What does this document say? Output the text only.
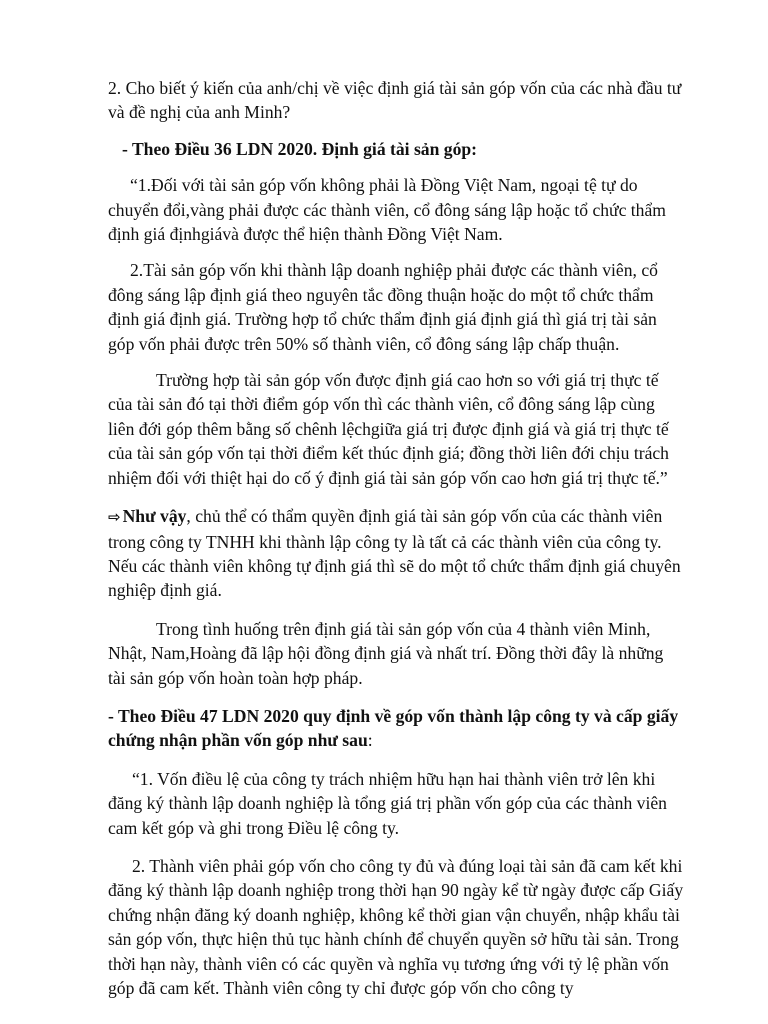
2. Cho biết ý kiến của anh/chị về việc định giá tài sản góp vốn của các nhà đầu tư và đề nghị của anh Minh?

- Theo Điều 36 LDN 2020. Định giá tài sản góp:

“1.Đối với tài sản góp vốn không phải là Đồng Việt Nam, ngoại tệ tự do chuyển đổi,vàng phải được các thành viên, cổ đông sáng lập hoặc tổ chức thẩm định giá địnhgiávà được thể hiện thành Đồng Việt Nam.

2.Tài sản góp vốn khi thành lập doanh nghiệp phải được các thành viên, cổ đông sáng lập định giá theo nguyên tắc đồng thuận hoặc do một tổ chức thẩm định giá định giá. Trường hợp tổ chức thẩm định giá định giá thì giá trị tài sản góp vốn phải được trên 50% số thành viên, cổ đông sáng lập chấp thuận.

Trường hợp tài sản góp vốn được định giá cao hơn so với giá trị thực tế của tài sản đó tại thời điểm góp vốn thì các thành viên, cổ đông sáng lập cùng liên đới góp thêm bằng số chênh lệchgiữa giá trị được định giá và giá trị thực tế của tài sản góp vốn tại thời điểm kết thúc định giá; đồng thời liên đới chịu trách nhiệm đối với thiệt hại do cố ý định giá tài sản góp vốn cao hơn giá trị thực tế.”

⇨ Như vậy, chủ thể có thẩm quyền định giá tài sản góp vốn của các thành viên trong công ty TNHH khi thành lập công ty là tất cả các thành viên của công ty. Nếu các thành viên không tự định giá thì sẽ do một tổ chức thẩm định giá chuyên nghiệp định giá.

Trong tình huống trên định giá tài sản góp vốn của 4 thành viên Minh, Nhật, Nam,Hoàng đã lập hội đồng định giá và nhất trí. Đồng thời đây là những tài sản góp vốn hoàn toàn hợp pháp.

- Theo Điều 47 LDN 2020 quy định về góp vốn thành lập công ty và cấp giấy chứng nhận phần vốn góp như sau:

“1. Vốn điều lệ của công ty trách nhiệm hữu hạn hai thành viên trở lên khi đăng ký thành lập doanh nghiệp là tổng giá trị phần vốn góp của các thành viên cam kết góp và ghi trong Điều lệ công ty.

2. Thành viên phải góp vốn cho công ty đủ và đúng loại tài sản đã cam kết khi đăng ký thành lập doanh nghiệp trong thời hạn 90 ngày kể từ ngày được cấp Giấy chứng nhận đăng ký doanh nghiệp, không kể thời gian vận chuyển, nhập khẩu tài sản góp vốn, thực hiện thủ tục hành chính để chuyển quyền sở hữu tài sản. Trong thời hạn này, thành viên có các quyền và nghĩa vụ tương ứng với tỷ lệ phần vốn góp đã cam kết. Thành viên công ty chỉ được góp vốn cho công ty
